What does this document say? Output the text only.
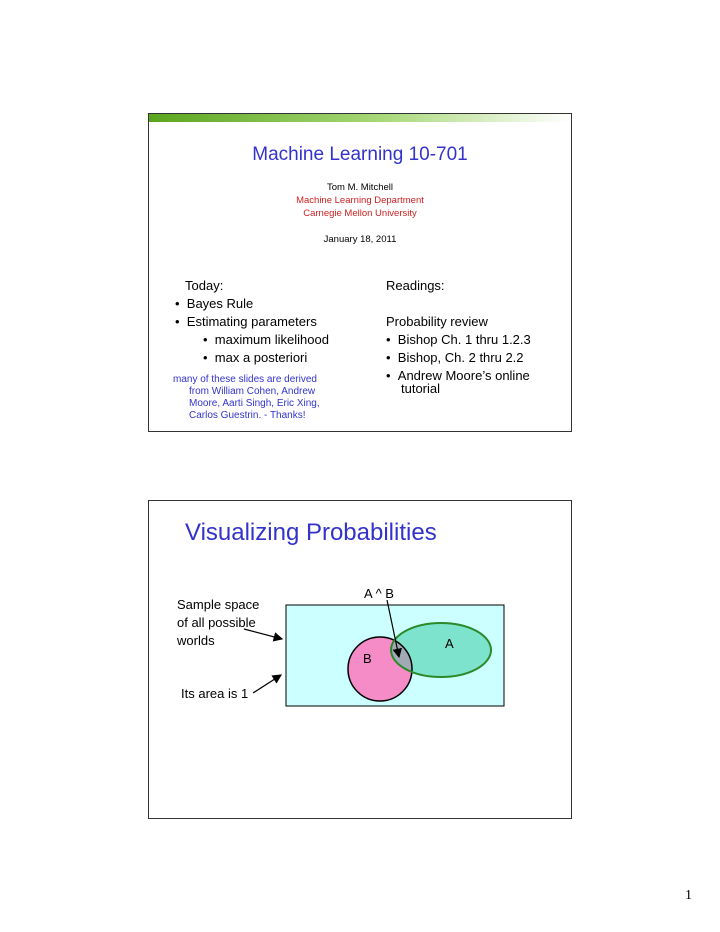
Machine Learning 10-701
Tom M. Mitchell
Machine Learning Department
Carnegie Mellon University
January 18, 2011
Today:
•  Bayes Rule
•  Estimating parameters
•  maximum likelihood
•  max a posteriori
many of these slides are derived
from William Cohen, Andrew
Moore, Aarti Singh, Eric Xing,
Carlos Guestrin. - Thanks!
Readings:
Probability review
•  Bishop Ch. 1 thru 1.2.3
•  Bishop, Ch. 2 thru 2.2
•  Andrew Moore’s online
tutorial
Visualizing Probabilities
Sample space
of all possible
worlds
Its area is 1
A ^ B
A
B
1
